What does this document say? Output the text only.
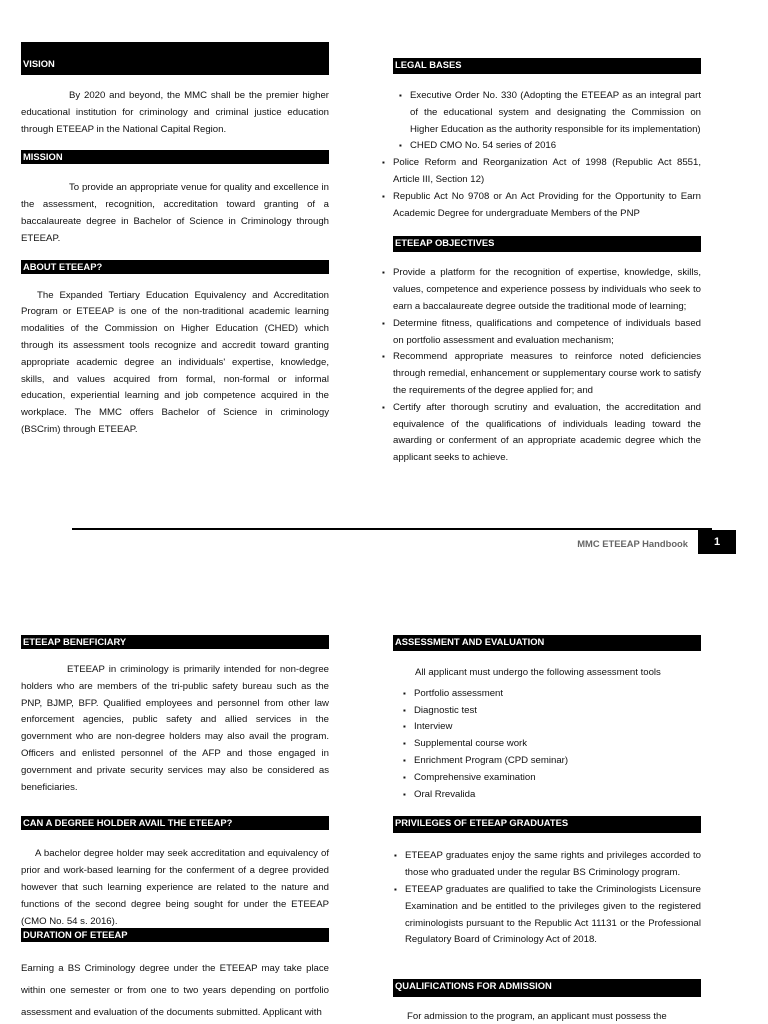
VISION

By 2020 and beyond, the MMC shall be the premier higher educational institution for criminology and criminal justice education through ETEEAP in the National Capital Region.

MISSION

To provide an appropriate venue for quality and excellence in the assessment, recognition, accreditation toward granting of a baccalaureate degree in Bachelor of Science in Criminology through ETEEAP.

ABOUT ETEEAP?

The Expanded Tertiary Education Equivalency and Accreditation Program or ETEEAP is one of the non-traditional academic learning modalities of the Commission on Higher Education (CHED) which through its assessment tools recognize and accredit toward granting appropriate academic degree an individuals' expertise, knowledge, skills, and values acquired from formal, non-formal or informal education, experiential learning and job competence acquired in the workplace. The MMC offers Bachelor of Science in criminology (BSCrim) through ETEEAP.

LEGAL BASES
▪ Executive Order No. 330 (Adopting the ETEEAP as an integral part of the educational system and designating the Commission on Higher Education as the authority responsible for its implementation)
▪ CHED CMO No. 54 series of 2016
▪ Police Reform and Reorganization Act of 1998 (Republic Act 8551, Article III, Section 12)
▪ Republic Act No 9708 or An Act Providing for the Opportunity to Earn Academic Degree for undergraduate Members of the PNP
ETEEAP OBJECTIVES
▪ Provide a platform for the recognition of expertise, knowledge, skills, values, competence and experience possess by individuals who seek to earn a baccalaureate degree outside the traditional mode of learning;
▪ Determine fitness, qualifications and competence of individuals based on portfolio assessment and evaluation mechanism;
▪ Recommend appropriate measures to reinforce noted deficiencies through remedial, enhancement or supplementary course work to satisfy the requirements of the degree applied for; and
▪ Certify after thorough scrutiny and evaluation, the accreditation and equivalence of the qualifications of individuals leading toward the awarding or conferment of an appropriate academic degree which the applicant seeks to achieve.
MMC ETEEAP Handbook	1
ETEEAP BENEFICIARY

ETEEAP in criminology is primarily intended for non-degree holders who are members of the tri-public safety bureau such as the PNP, BJMP, BFP. Qualified employees and personnel from other law enforcement agencies, public safety and allied services in the government who are non-degree holders may also avail the program. Officers and enlisted personnel of the AFP and those engaged in government and private security services may also be considered as beneficiaries.

CAN A DEGREE HOLDER AVAIL THE ETEEAP?

A bachelor degree holder may seek accreditation and equivalency of prior and work-based learning for the conferment of a degree provided however that such learning experience are related to the nature and functions of the second degree being sought for under the ETEEAP (CMO No. 54 s. 2016).

DURATION OF ETEEAP

Earning a BS Criminology degree under the ETEEAP may take place within one semester or from one to two years depending on portfolio assessment and evaluation of the documents submitted. Applicant with

ASSESSMENT AND EVALUATION

All applicant must undergo the following assessment tools

▪ Portfolio assessment
▪ Diagnostic test
▪ Interview
▪ Supplemental course work
▪ Enrichment Program (CPD seminar)
▪ Comprehensive examination
▪ Oral Rrevalida
PRIVILEGES OF ETEEAP GRADUATES
▪ ETEEAP graduates enjoy the same rights and privileges accorded to those who graduated under the regular BS Criminology program.
▪ ETEEAP graduates are qualified to take the Criminologists Licensure Examination and be entitled to the privileges given to the registered criminologists pursuant to the Republic Act 11131 or the Professional Regulatory Board of Criminology Act of 2018.
QUALIFICATIONS FOR ADMISSION

For admission to the program, an applicant must possess the
